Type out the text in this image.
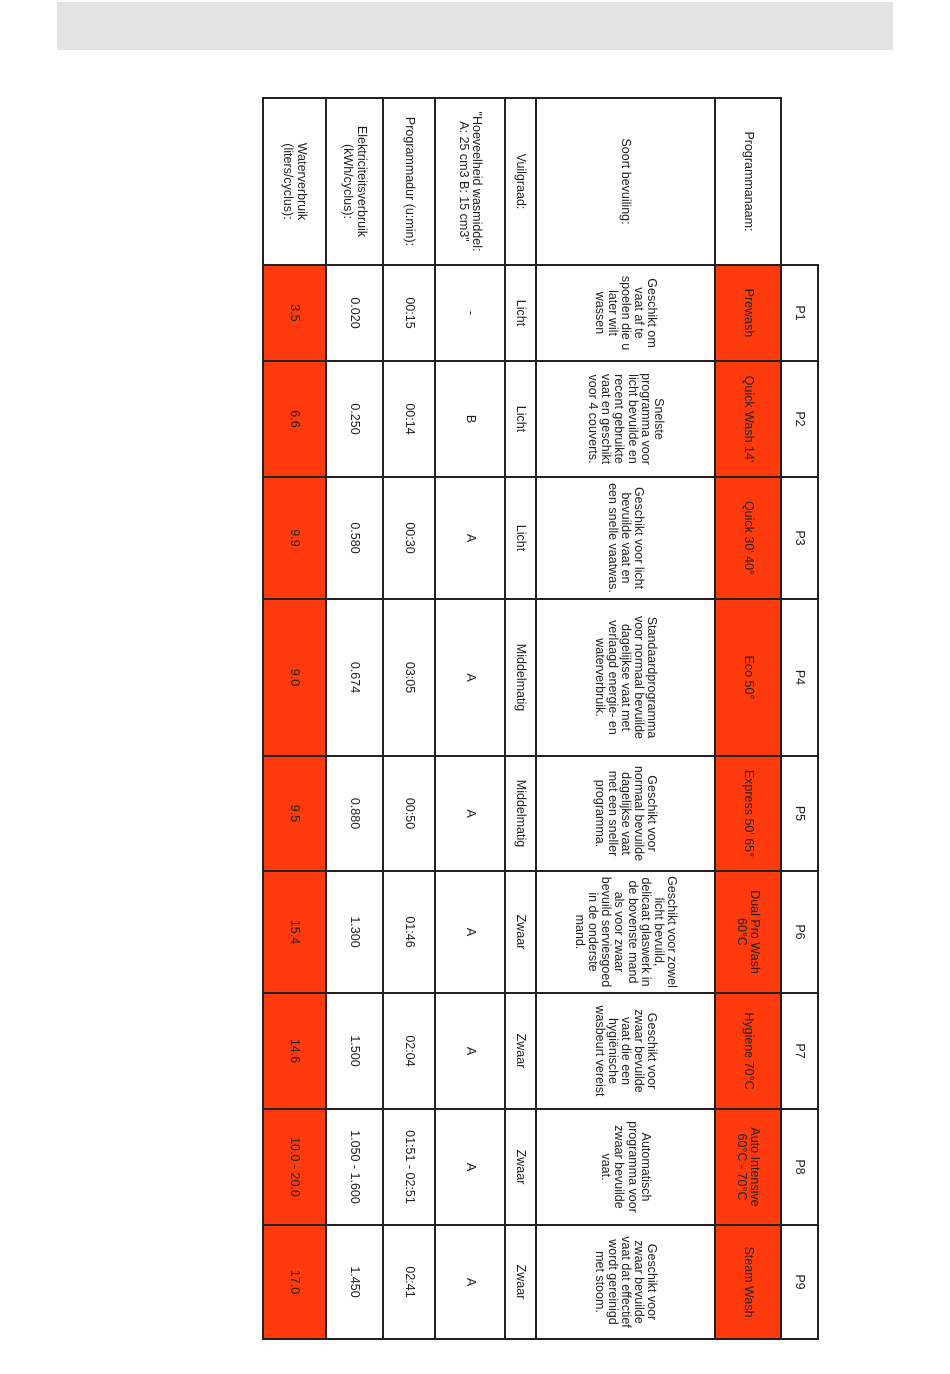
	P1	P2	P3	P4	P5	P6	P7	P8	P9
Programmanaam:	Prewash	Quick Wash 14'	Quick 30' 40°	Eco 50°	Express 50' 65°	Dual Pro Wash 60°C	Hygiene 70°C	Auto Intensive 60°C - 70°C	Steam Wash
Soort bevuiling:	Geschikt om vaat af te spoelen die u later wilt wassen	Snelste programma voor licht bevuilde en recent gebruikte vaat en geschikt voor 4 couverts.	Geschikt voor licht bevuilde vaat en een snelle vaatwas.	Standaardprogramma voor normaal bevuilde dagelijkse vaat met verlaagd energie- en waterverbruik.	Geschikt voor normaal bevuilde dagelijkse vaat met een sneller programma.	Geschikt voor zowel licht bevuild, delicaat glaswerk in de bovenste mand als voor zwaar bevuild serviesgoed in de onderste mand.	Geschikt voor zwaar bevuilde vaat die een hygiënische wasbeurt vereist	Automatisch programma voor zwaar bevuilde vaat.	Geschikt voor zwaar bevuilde vaat dat effectief wordt gereinigd met stoom.
Vuilgraad:	Licht	Licht	Licht	Middelmatig	Middelmatig	Zwaar	Zwaar	Zwaar	Zwaar
"Hoeveelheid wasmiddel: A: 25 cm3 B: 15 cm3"	-	B	A	A	A	A	A	A	A
Programmadur (u:min):	00:15	00:14	00:30	03:05	00:50	01:46	02:04	01:51 - 02:51	02:41
Elektriciteitsverbruik (kWh/cyclus):	0.020	0.250	0.580	0.674	0.880	1.300	1.500	1.050 - 1.600	1.450
Waterverbruik (liters/cyclus):	3.5	6.6	9.9	9.0	9.5	15.4	14.6	10.0 - 20.0	17.0
